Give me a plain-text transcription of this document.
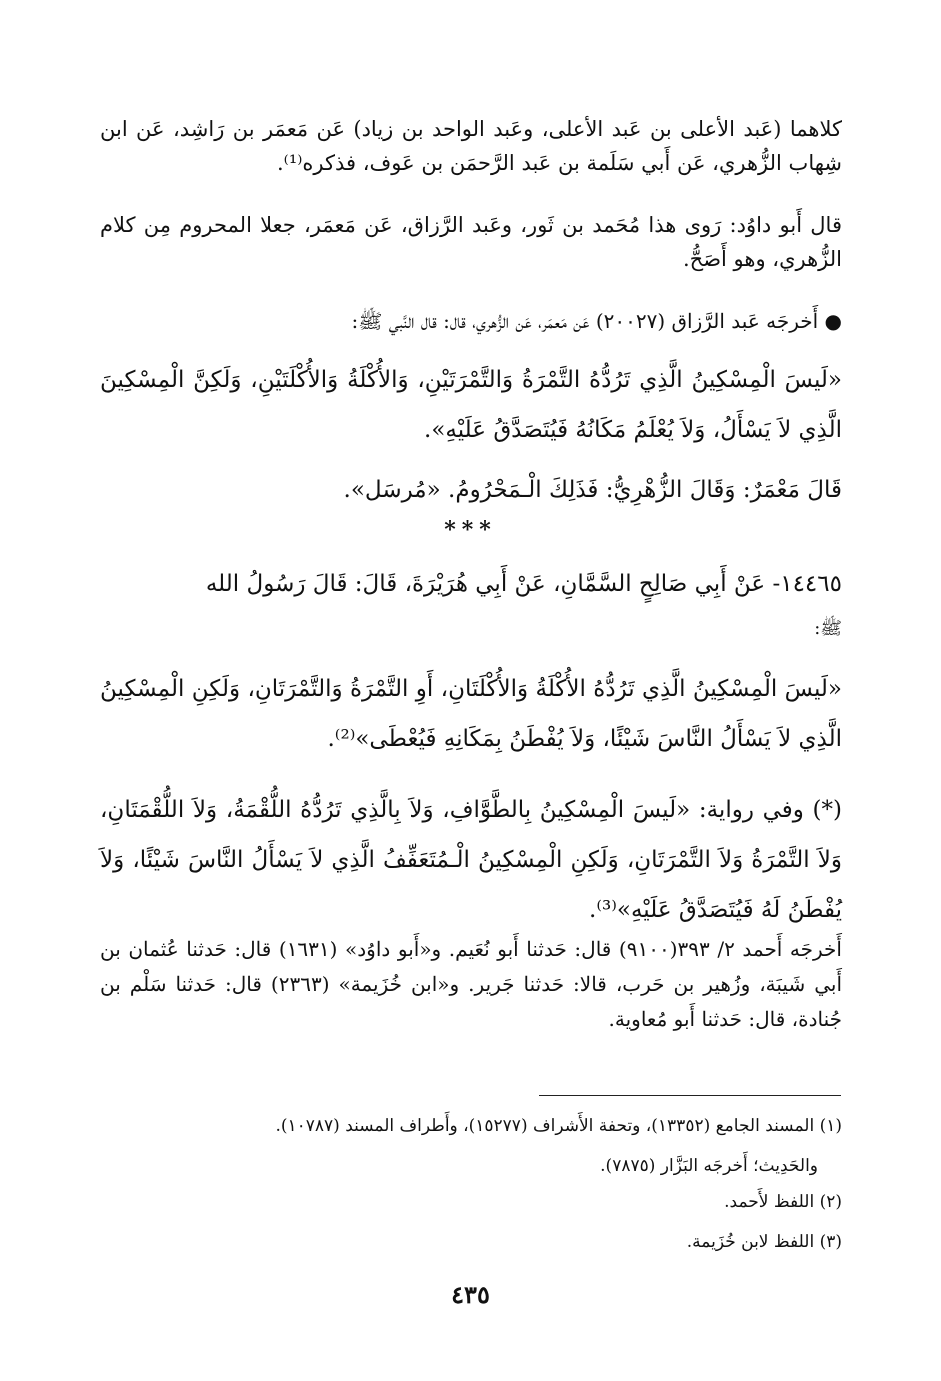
كلاهما (عَبد الأعلى بن عَبد الأعلى، وعَبد الواحد بن زياد) عَن مَعمَر بن رَاشِد، عَن ابن شِهاب الزُّهري، عَن أَبي سَلَمة بن عَبد الرَّحمَن بن عَوف، فذكره⁽¹⁾.
قال أَبو داوُد: رَوى هذا مُحَمد بن ثَور، وعَبد الرَّزاق، عَن مَعمَر، جعلا المحروم مِن كلام الزُّهري، وهو أَصَحُّ.
● أَخرجَه عَبد الرَّزاق (٢٠٠٢٧) عَن مَعمَر، عَن الزُّهري، قال: قال النَّبي ﷺ:
«لَيسَ الْمِسْكِينُ الَّذِي تَرُدُّهُ التَّمْرَةُ وَالتَّمْرَتَيْنِ، وَالأُكْلَةُ وَالأُكْلَتَيْنِ، وَلَكِنَّ الْمِسْكِينَ الَّذِي لاَ يَسْأَلُ، وَلاَ يُعْلَمُ مَكَانُهُ فَيُتَصَدَّقُ عَلَيْهِ».
قَالَ مَعْمَرٌ: وَقَالَ الزُّهْرِيُّ: فَذَلِكَ الْـمَحْرُومُ. «مُرسَل».
***
١٤٤٦٥- عَنْ أَبِي صَالِحٍ السَّمَّانِ، عَنْ أَبِي هُرَيْرَةَ، قَالَ: قَالَ رَسُولُ الله
ﷺ:
«لَيسَ الْمِسْكِينُ الَّذِي تَرُدُّهُ الأُكْلَةُ وَالأُكْلَتَانِ، أَوِ التَّمْرَةُ وَالتَّمْرَتَانِ، وَلَكِنِ الْمِسْكِينُ الَّذِي لاَ يَسْأَلُ النَّاسَ شَيْئًا، وَلاَ يُفْطَنُ بِمَكَانِهِ فَيُعْطَى»⁽²⁾.
(*) وفي رواية: «لَيسَ الْمِسْكِينُ بِالطَّوَّافِ، وَلاَ بِالَّذِي تَرُدُّهُ اللُّقْمَةُ، وَلاَ اللُّقْمَتَانِ، وَلاَ التَّمْرَةُ وَلاَ التَّمْرَتَانِ، وَلَكِنِ الْمِسْكِينُ الْـمُتَعَفِّفُ الَّذِي لاَ يَسْأَلُ النَّاسَ شَيْئًا، وَلاَ يُفْطَنُ لَهُ فَيُتَصَدَّقُ عَلَيْهِ»⁽³⁾.
أَخرجَه أَحمد ٢/ ٣٩٣(٩١٠٠) قال: حَدثنا أَبو نُعَيم. و«أَبو داوُد» (١٦٣١) قال: حَدثنا عُثمان بن أَبي شَيبَة، وزُهير بن حَرب، قالا: حَدثنا جَرير. و«ابن خُزَيمة» (٢٣٦٣) قال: حَدثنا سَلْم بن جُنادة، قال: حَدثنا أَبو مُعاوية.
(١) المسند الجامع (١٣٣٥٢)، وتحفة الأَشراف (١٥٢٧٧)، وأَطراف المسند (١٠٧٨٧).
والحَدِيث؛ أَخرجَه البَزَّار (٧٨٧٥).
(٢) اللفظ لأَحمد.
(٣) اللفظ لابن خُزَيمة.
٤٣٥
